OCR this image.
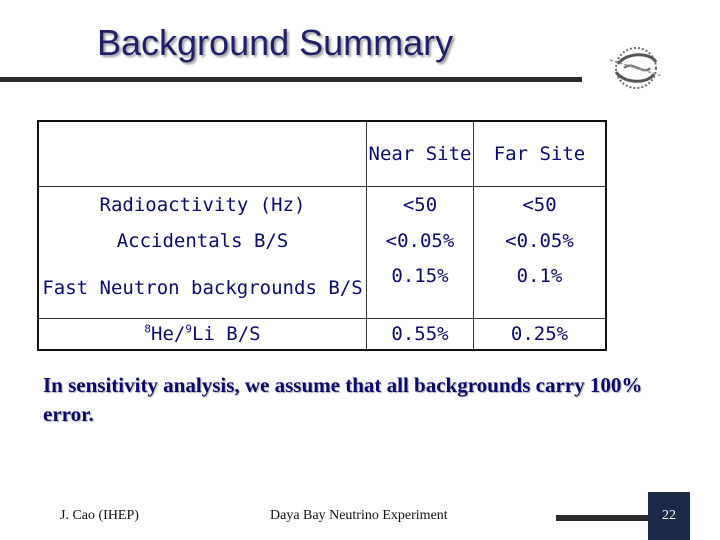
Background Summary
	Near Site	Far Site
Radioactivity (Hz)	<50	<50
Accidentals B/S	<0.05%	<0.05%
Fast Neutron backgrounds B/S	0.15%	0.1%
$^8$He/$^9$Li B/S	0.55%	0.25%
In sensitivity analysis, we assume that all backgrounds carry 100% error.
J. Cao (IHEP)	Daya Bay Neutrino Experiment	22
